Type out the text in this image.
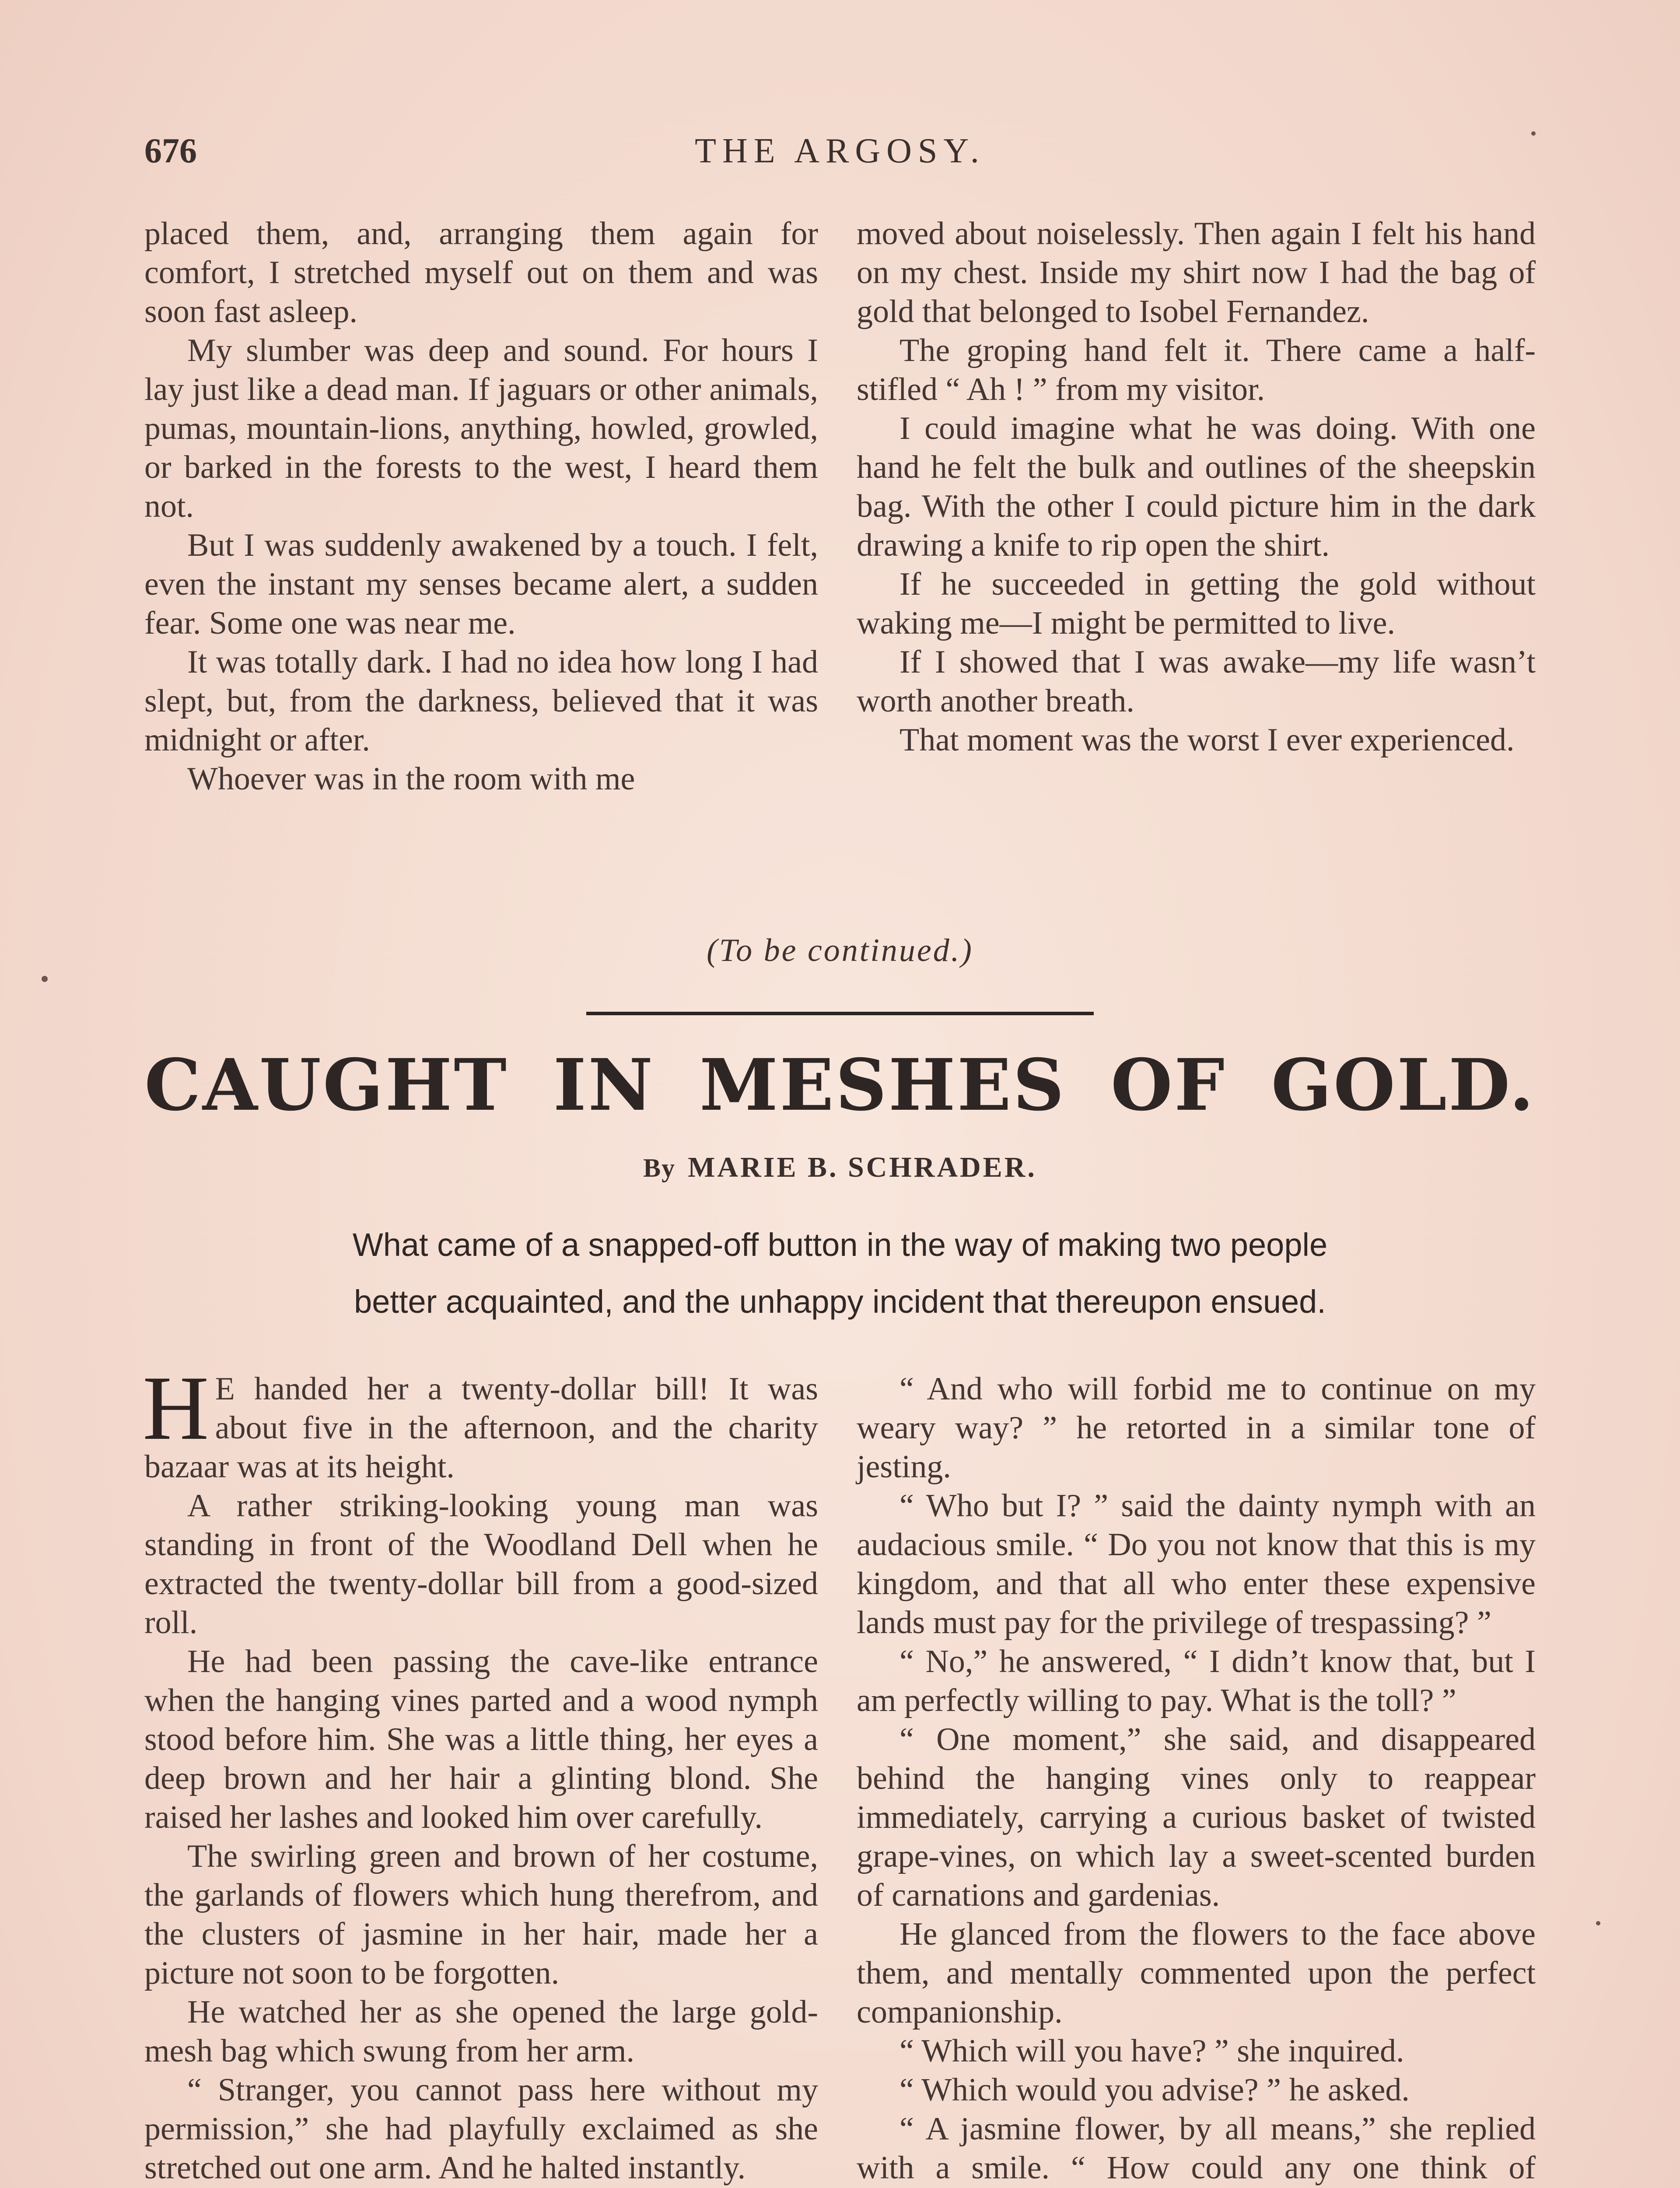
676	THE ARGOSY.

placed them, and, arranging them again for comfort, I stretched myself out on them and was soon fast asleep.

My slumber was deep and sound. For hours I lay just like a dead man. If jaguars or other animals, pumas, mountain-lions, anything, howled, growled, or barked in the forests to the west, I heard them not.

But I was suddenly awakened by a touch. I felt, even the instant my senses became alert, a sudden fear. Some one was near me.

It was totally dark. I had no idea how long I had slept, but, from the darkness, believed that it was midnight or after.

Whoever was in the room with me

moved about noiselessly. Then again I felt his hand on my chest. Inside my shirt now I had the bag of gold that belonged to Isobel Fernandez.

The groping hand felt it. There came a half-stifled “ Ah ! ” from my visitor.

I could imagine what he was doing. With one hand he felt the bulk and outlines of the sheepskin bag. With the other I could picture him in the dark drawing a knife to rip open the shirt.

If he succeeded in getting the gold without waking me—I might be permitted to live.

If I showed that I was awake—my life wasn’t worth another breath.

That moment was the worst I ever experienced.

(To be continued.)
CAUGHT IN MESHES OF GOLD.
By MARIE B. SCHRADER.
What came of a snapped-off button in the way of making two people
better acquainted, and the unhappy incident that thereupon ensued.

H E handed her a twenty-dollar bill! It was about five in the afternoon, and the charity bazaar was at its height.

A rather striking-looking young man was standing in front of the Woodland Dell when he extracted the twenty-dollar bill from a good-sized roll.

He had been passing the cave-like entrance when the hanging vines parted and a wood nymph stood before him. She was a little thing, her eyes a deep brown and her hair a glinting blond. She raised her lashes and looked him over carefully.

The swirling green and brown of her costume, the garlands of flowers which hung therefrom, and the clusters of jasmine in her hair, made her a picture not soon to be forgotten.

He watched her as she opened the large gold-mesh bag which swung from her arm.

“ Stranger, you cannot pass here without my permission,” she had playfully exclaimed as she stretched out one arm. And he halted instantly.

“ And who will forbid me to continue on my weary way? ” he retorted in a similar tone of jesting.

“ Who but I? ” said the dainty nymph with an audacious smile. “ Do you not know that this is my kingdom, and that all who enter these expensive lands must pay for the privilege of trespassing? ”

“ No,” he answered, “ I didn’t know that, but I am perfectly willing to pay. What is the toll? ”

“ One moment,” she said, and disappeared behind the hanging vines only to reappear immediately, carrying a curious basket of twisted grape-vines, on which lay a sweet-scented burden of carnations and gardenias.

He glanced from the flowers to the face above them, and mentally commented upon the perfect companionship.

“ Which will you have? ” she inquired.

“ Which would you advise? ” he asked.

“ A jasmine flower, by all means,” she replied with a smile. “ How could any one think of
